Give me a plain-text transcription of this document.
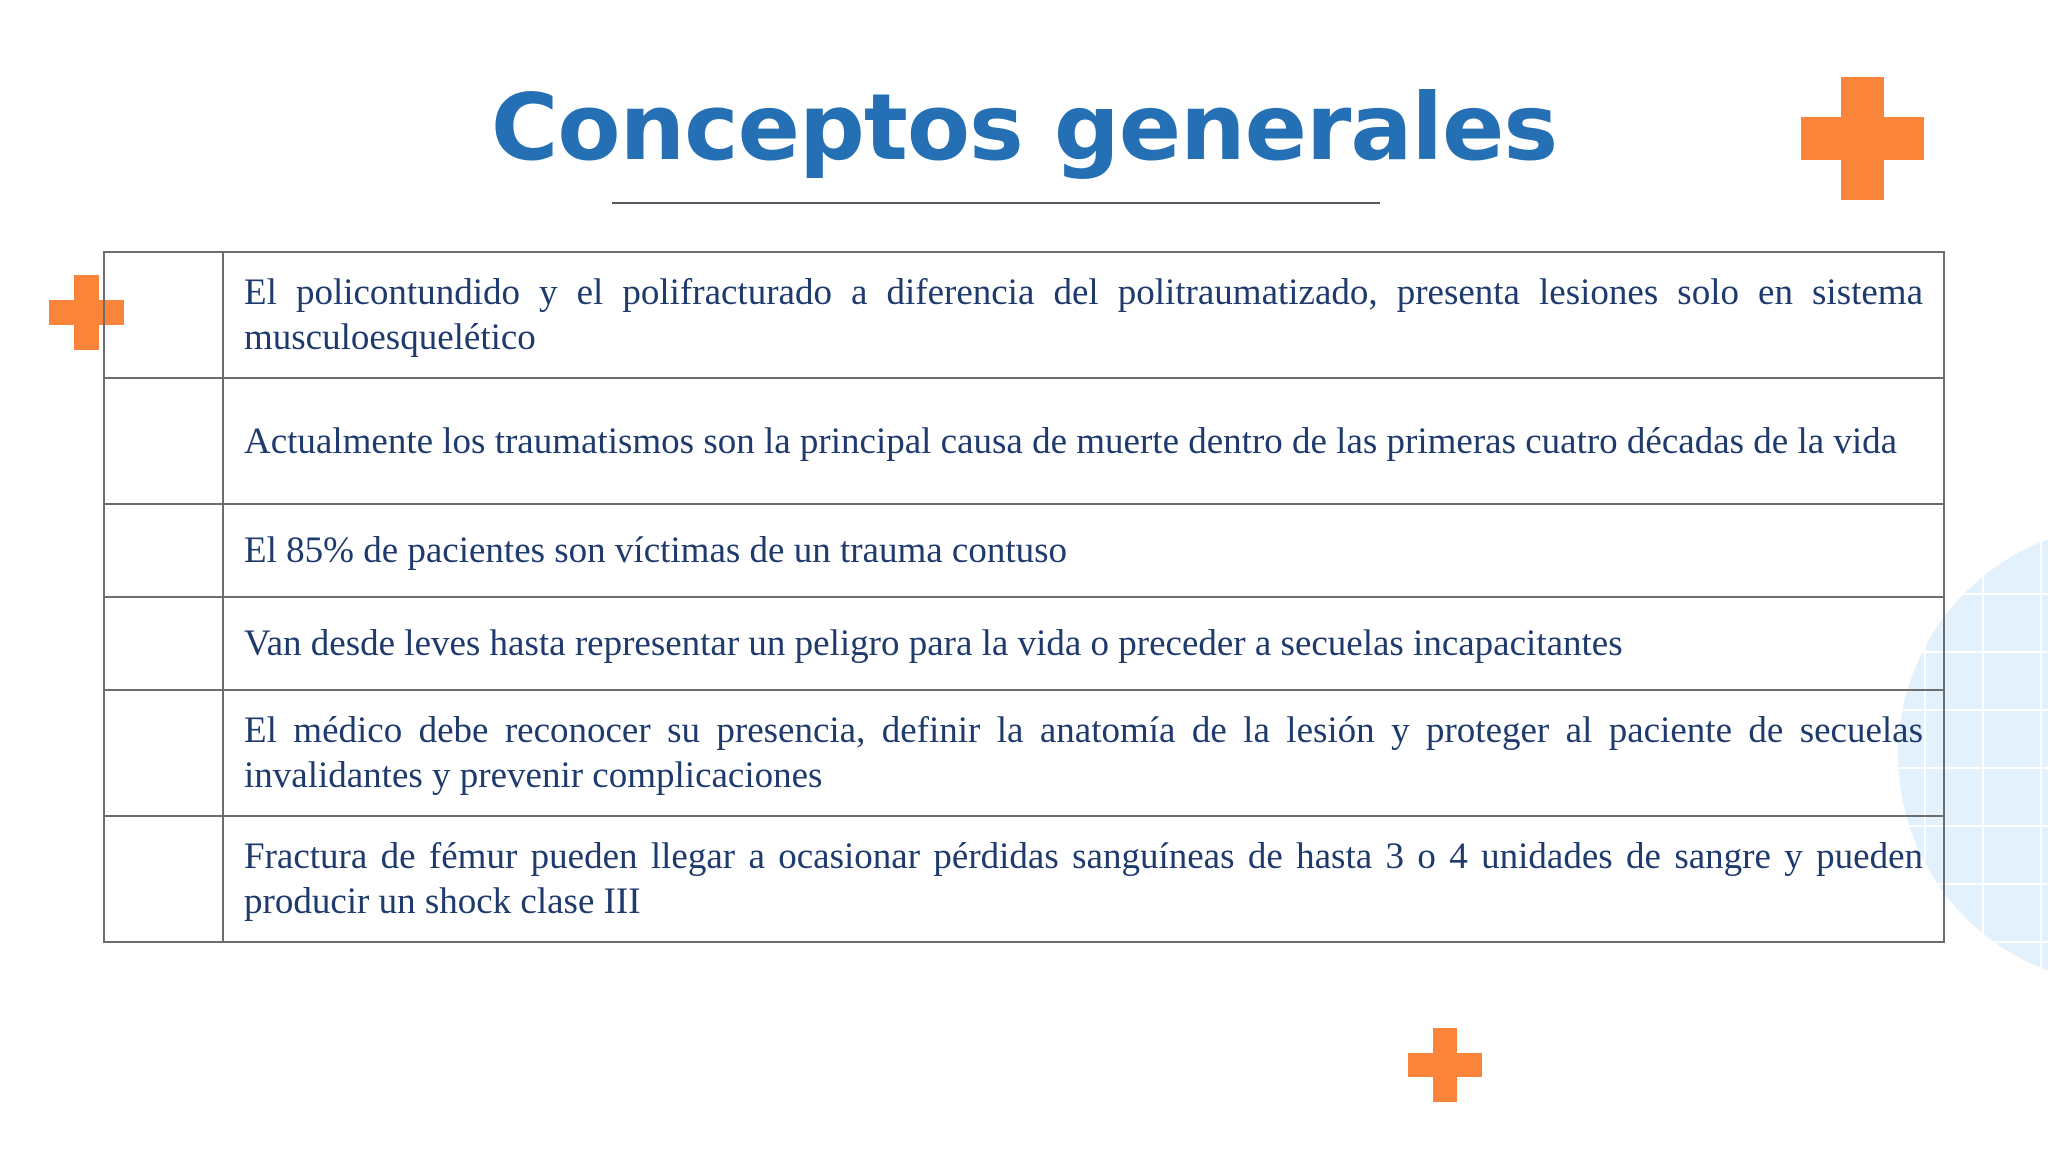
Conceptos generales
	El policontundido y el polifracturado a diferencia del politraumatizado, presenta lesiones solo en sistema musculoesquelético
	Actualmente los traumatismos son la principal causa de muerte dentro de las primeras cuatro décadas de la vida
	El 85% de pacientes son víctimas de un trauma contuso
	Van desde leves hasta representar un peligro para la vida o preceder a secuelas incapacitantes
	El médico debe reconocer su presencia, definir la anatomía de la lesión y proteger al paciente de secuelas invalidantes y prevenir complicaciones
	Fractura de fémur pueden llegar a ocasionar pérdidas sanguíneas de hasta 3 o 4 unidades de sangre y pueden producir un shock clase III
